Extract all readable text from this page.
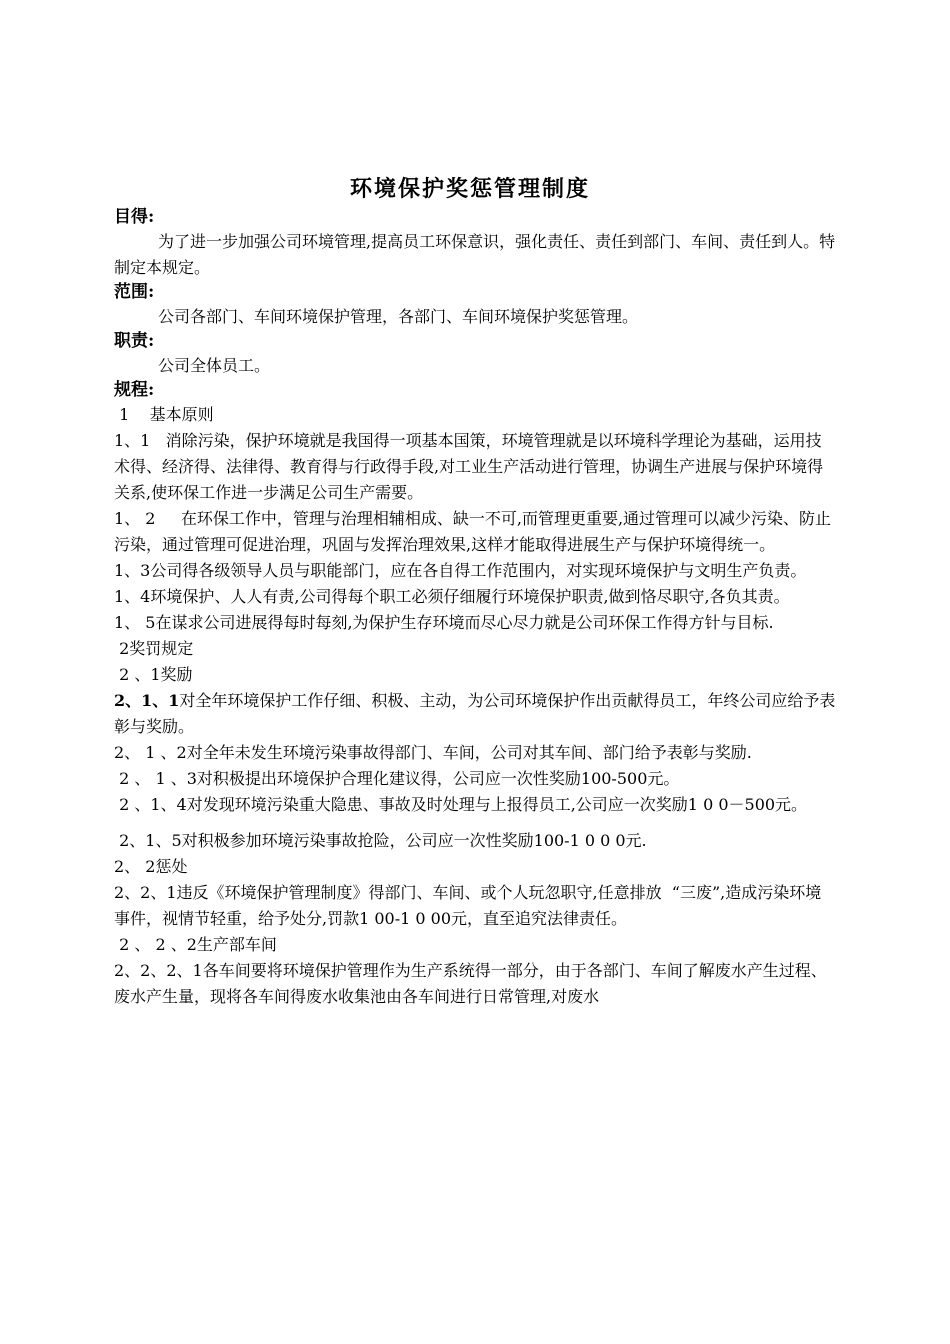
环境保护奖惩管理制度
目得:
为了进一步加强公司环境管理,提高员工环保意识，强化责任、责任到部门、车间、责任到人。特制定本规定。
范围:
公司各部门、车间环境保护管理，各部门、车间环境保护奖惩管理。
职责:
公司全体员工。
规程:
1    基本原则
1、1   消除污染，保护环境就是我国得一项基本国策，环境管理就是以环境科学理论为基础，运用技术得、经济得、法律得、教育得与行政得手段,对工业生产活动进行管理，协调生产进展与保护环境得关系,使环保工作进一步满足公司生产需要。
1、 2     在环保工作中，管理与治理相辅相成、缺一不可,而管理更重要,通过管理可以减少污染、防止污染，通过管理可促进治理，巩固与发挥治理效果,这样才能取得进展生产与保护环境得统一。
1、3公司得各级领导人员与职能部门，应在各自得工作范围内，对实现环境保护与文明生产负责。
1、4环境保护、人人有责,公司得每个职工必须仔细履行环境保护职责,做到恪尽职守,各负其责。
1、 5在谋求公司进展得每时每刻,为保护生存环境而尽心尽力就是公司环保工作得方针与目标.
2奖罚规定
2 、1奖励
2、1、1对全年环境保护工作仔细、积极、主动，为公司环境保护作出贡献得员工，年终公司应给予表彰与奖励。
2、 1 、2对全年未发生环境污染事故得部门、车间，公司对其车间、部门给予表彰与奖励.
2 、 1 、3对积极提出环境保护合理化建议得，公司应一次性奖励100-500元。
2 、1、4对发现环境污染重大隐患、事故及时处理与上报得员工,公司应一次奖励1 0 0－500元。
2、1、5对积极参加环境污染事故抢险，公司应一次性奖励100-1 0 0 0元.
2、 2惩处
2、2、1违反《环境保护管理制度》得部门、车间、或个人玩忽职守,任意排放  “三废”,造成污染环境事件，视情节轻重，给予处分,罚款1 00-1 0 00元，直至追究法律责任。
2 、 2 、2生产部车间
2、2、2、1各车间要将环境保护管理作为生产系统得一部分，由于各部门、车间了解废水产生过程、废水产生量，现将各车间得废水收集池由各车间进行日常管理,对废水
